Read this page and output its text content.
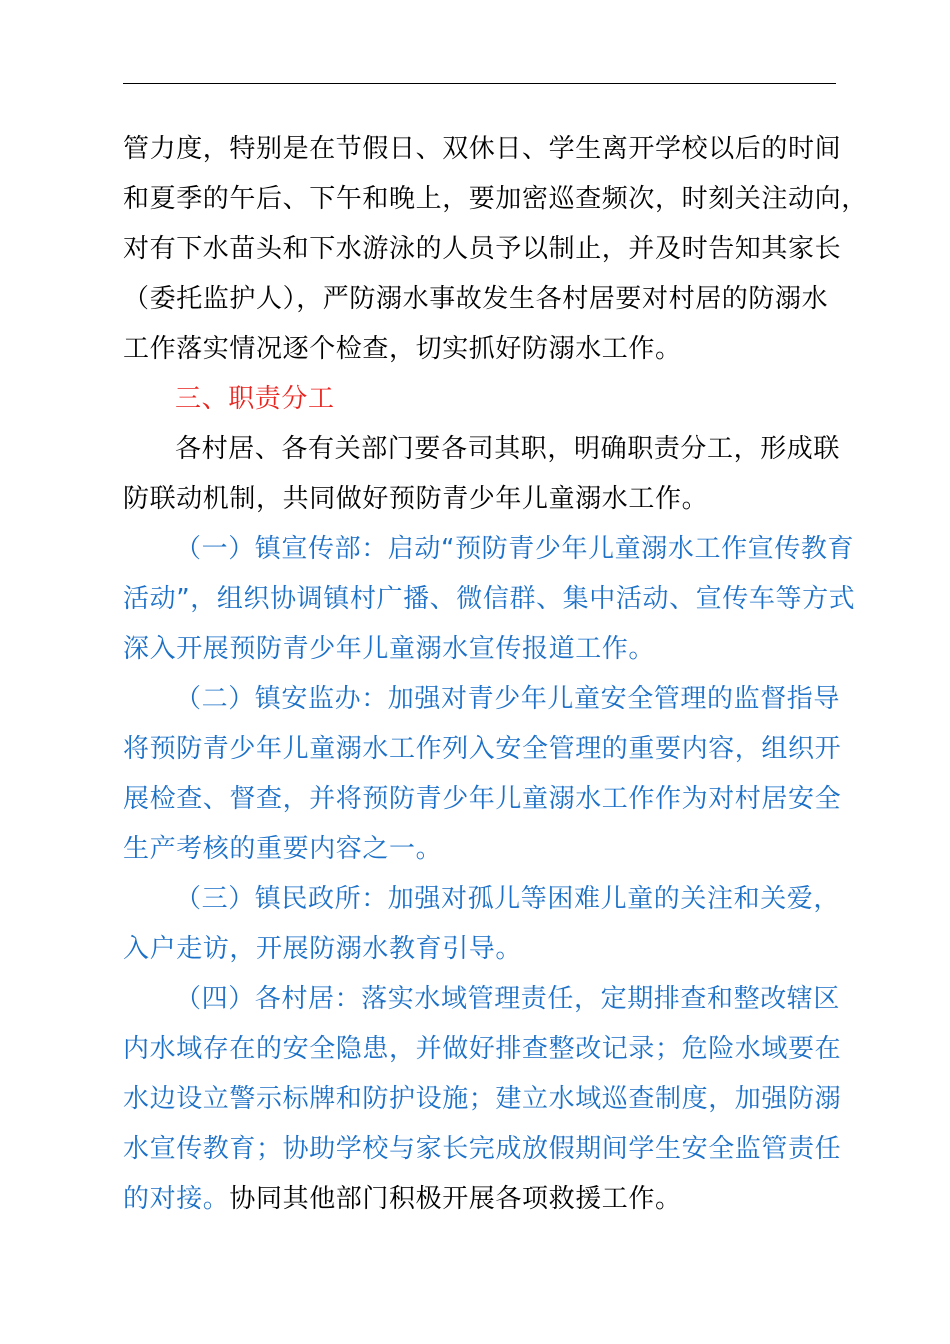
管力度，特别是在节假日、双休日、学生离开学校以后的时间
和夏季的午后、下午和晚上，要加密巡查频次，时刻关注动向，
对有下水苗头和下水游泳的人员予以制止，并及时告知其家长
（委托监护人），严防溺水事故发生各村居要对村居的防溺水
工作落实情况逐个检查，切实抓好防溺水工作。
三、职责分工
各村居、各有关部门要各司其职，明确职责分工，形成联
防联动机制，共同做好预防青少年儿童溺水工作。
（一）镇宣传部：启动“预防青少年儿童溺水工作宣传教育
活动”，组织协调镇村广播、微信群、集中活动、宣传车等方式
深入开展预防青少年儿童溺水宣传报道工作。
（二）镇安监办：加强对青少年儿童安全管理的监督指导
将预防青少年儿童溺水工作列入安全管理的重要内容，组织开
展检查、督查，并将预防青少年儿童溺水工作作为对村居安全
生产考核的重要内容之一。
（三）镇民政所：加强对孤儿等困难儿童的关注和关爱，
入户走访，开展防溺水教育引导。
（四）各村居：落实水域管理责任，定期排查和整改辖区
内水域存在的安全隐患，并做好排查整改记录；危险水域要在
水边设立警示标牌和防护设施；建立水域巡查制度，加强防溺
水宣传教育；协助学校与家长完成放假期间学生安全监管责任
的对接。协同其他部门积极开展各项救援工作。
